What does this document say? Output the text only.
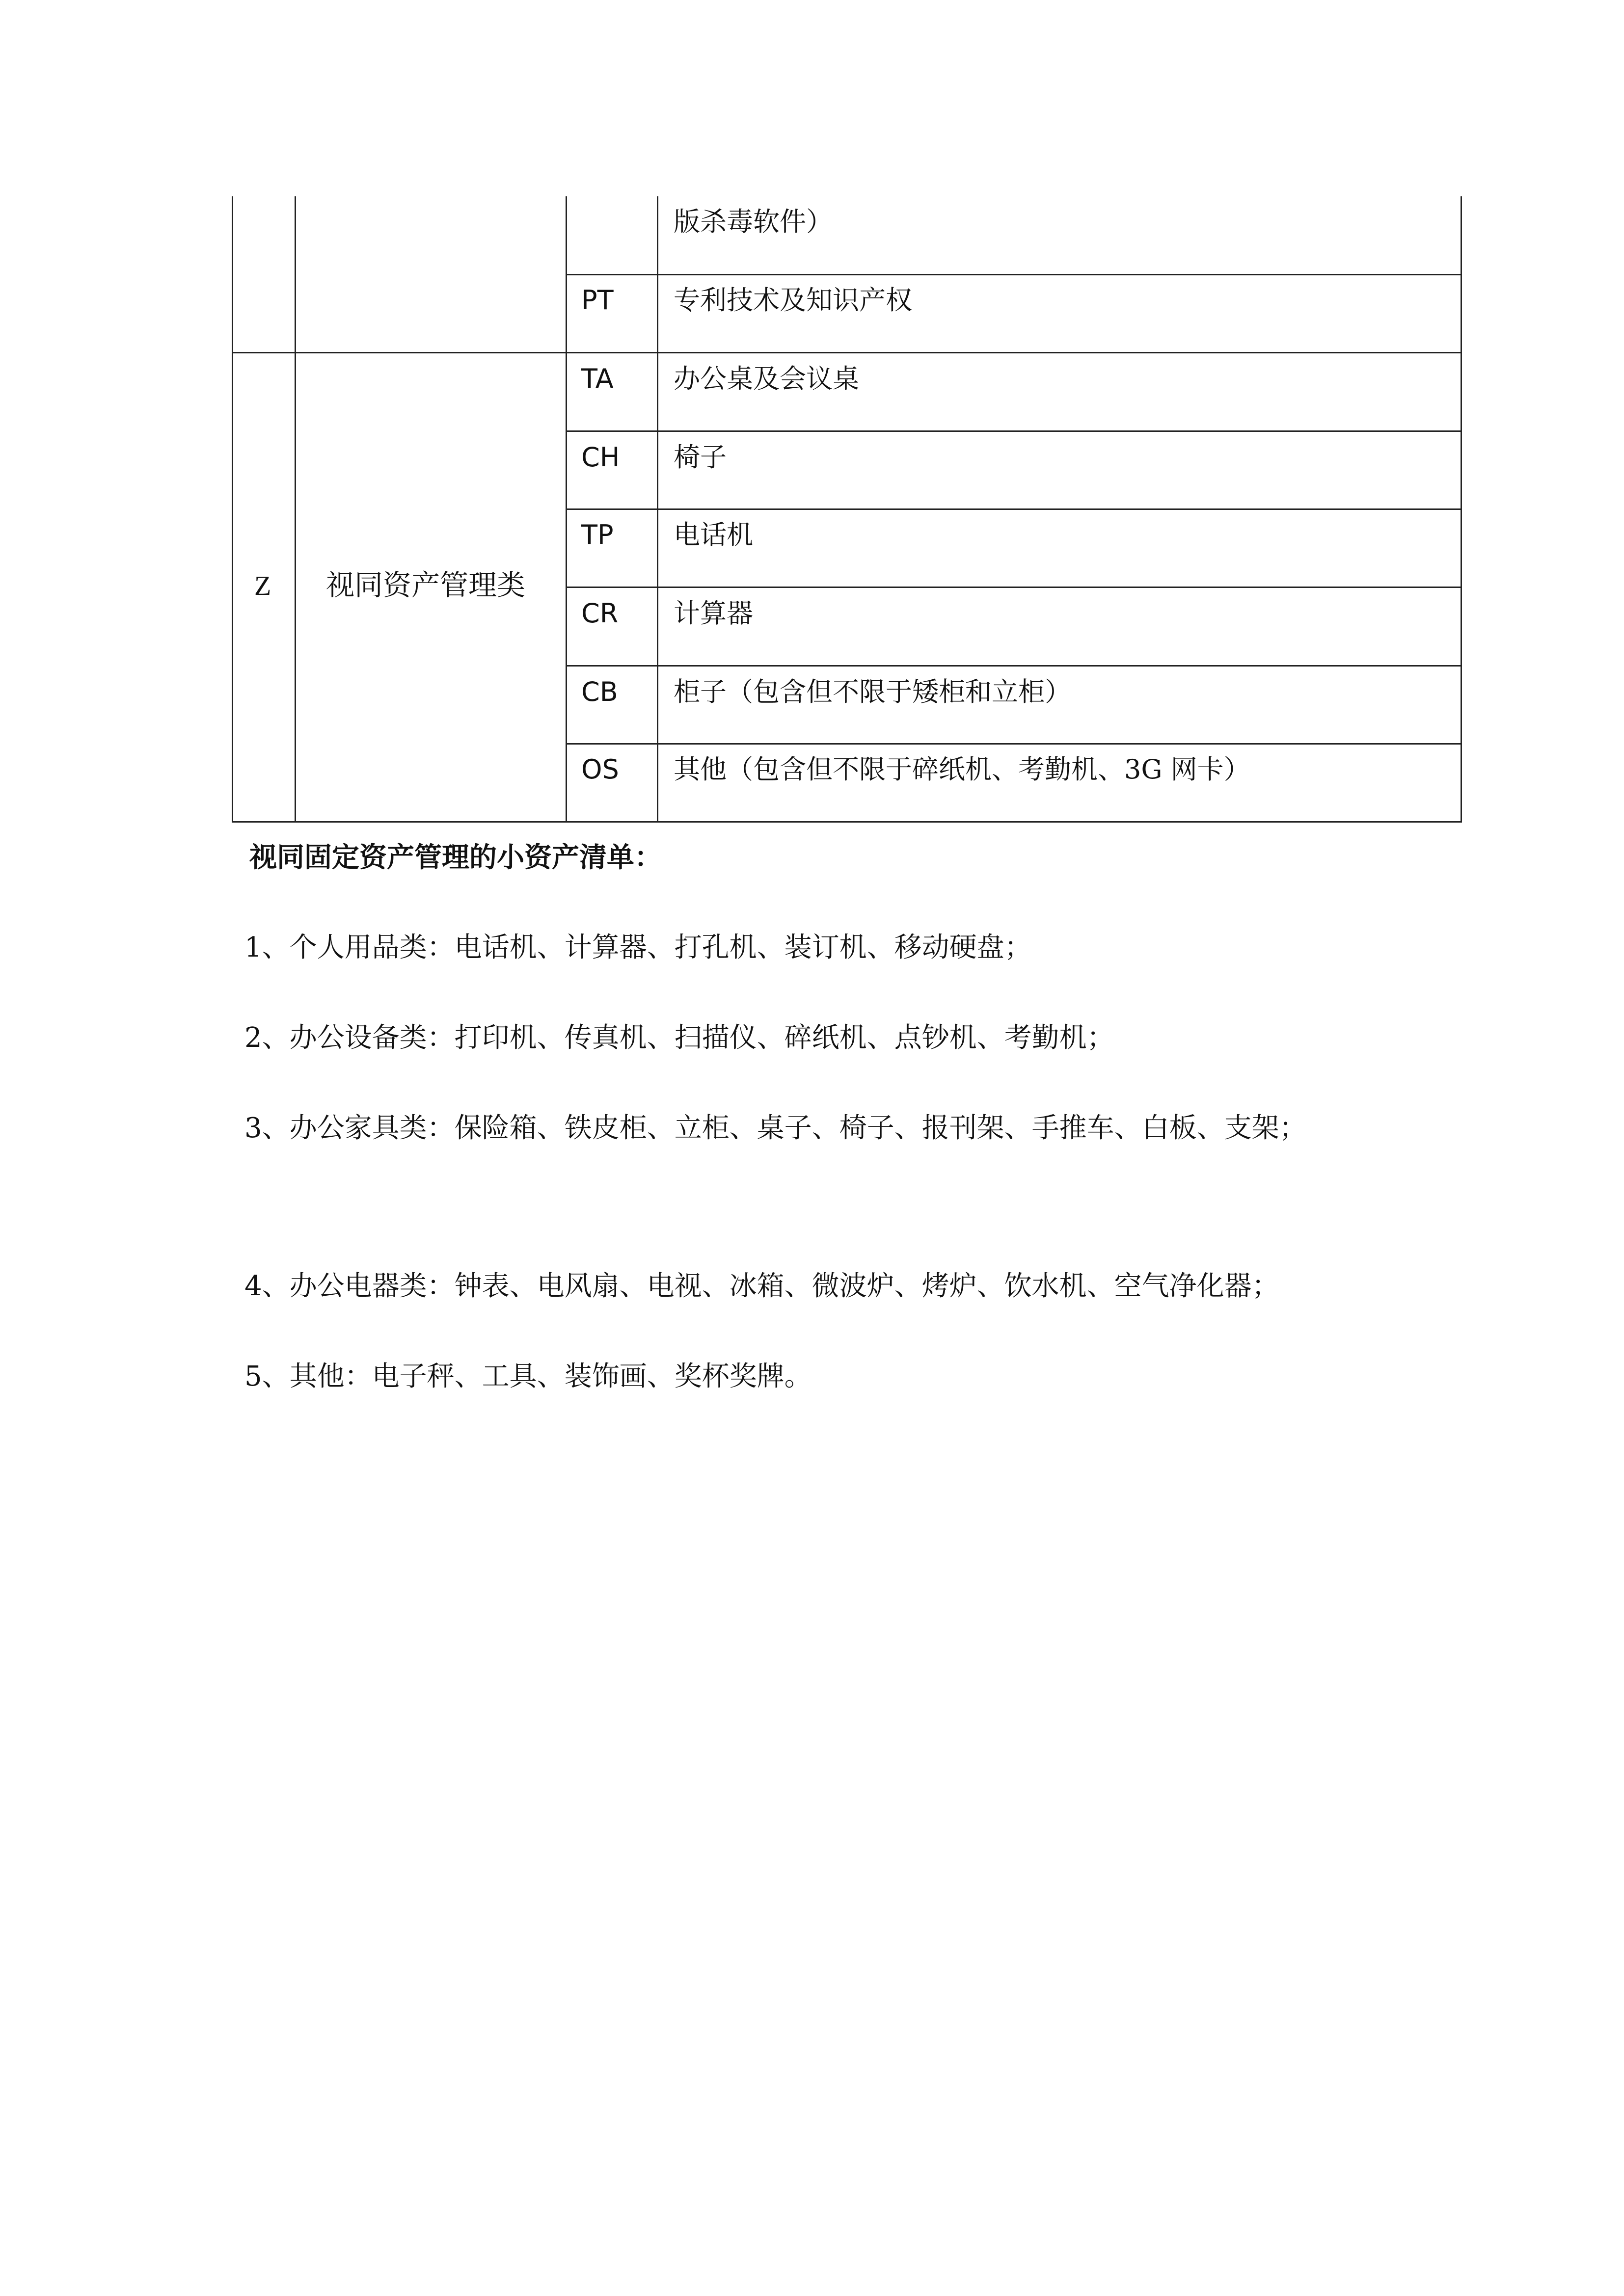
版杀毒软件）
PT 专利技术及知识产权
Z 视同资产管理类
TA 办公桌及会议桌
CH 椅子
TP 电话机
CR 计算器
CB 柜子（包含但不限于矮柜和立柜）
OS 其他（包含但不限于碎纸机、考勤机、3G 网卡）
视同固定资产管理的小资产清单：
1、个人用品类：电话机、计算器、打孔机、装订机、移动硬盘；
2、办公设备类：打印机、传真机、扫描仪、碎纸机、点钞机、考勤机；
3、办公家具类：保险箱、铁皮柜、立柜、桌子、椅子、报刊架、手推车、白板、支架；
4、办公电器类：钟表、电风扇、电视、冰箱、微波炉、烤炉、饮水机、空气净化器；
5、其他：电子秤、工具、装饰画、奖杯奖牌。
